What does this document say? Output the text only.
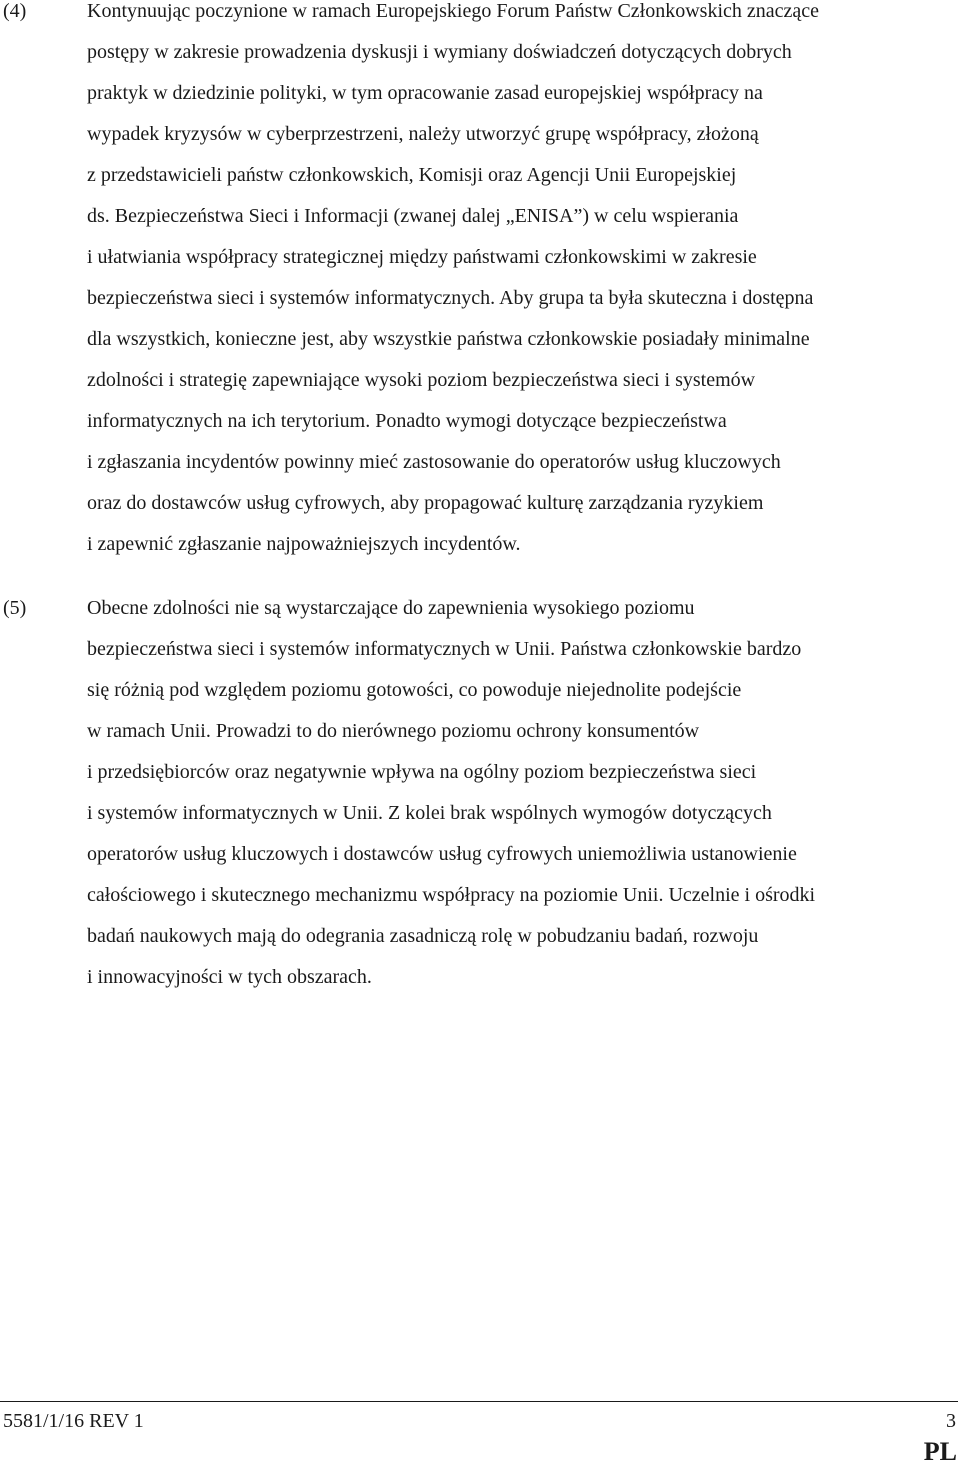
(4)	Kontynuując poczynione w ramach Europejskiego Forum Państw Członkowskich znaczące
postępy w zakresie prowadzenia dyskusji i wymiany doświadczeń dotyczących dobrych
praktyk w dziedzinie polityki, w tym opracowanie zasad europejskiej współpracy na
wypadek kryzysów w cyberprzestrzeni, należy utworzyć grupę współpracy, złożoną
z przedstawicieli państw członkowskich, Komisji oraz Agencji Unii Europejskiej
ds. Bezpieczeństwa Sieci i Informacji (zwanej dalej „ENISA”) w celu wspierania
i ułatwiania współpracy strategicznej między państwami członkowskimi w zakresie
bezpieczeństwa sieci i systemów informatycznych. Aby grupa ta była skuteczna i dostępna
dla wszystkich, konieczne jest, aby wszystkie państwa członkowskie posiadały minimalne
zdolności i strategię zapewniające wysoki poziom bezpieczeństwa sieci i systemów
informatycznych na ich terytorium. Ponadto wymogi dotyczące bezpieczeństwa
i zgłaszania incydentów powinny mieć zastosowanie do operatorów usług kluczowych
oraz do dostawców usług cyfrowych, aby propagować kulturę zarządzania ryzykiem
i zapewnić zgłaszanie najpoważniejszych incydentów.
(5)	Obecne zdolności nie są wystarczające do zapewnienia wysokiego poziomu
bezpieczeństwa sieci i systemów informatycznych w Unii. Państwa członkowskie bardzo
się różnią pod względem poziomu gotowości, co powoduje niejednolite podejście
w ramach Unii. Prowadzi to do nierównego poziomu ochrony konsumentów
i przedsiębiorców oraz negatywnie wpływa na ogólny poziom bezpieczeństwa sieci
i systemów informatycznych w Unii. Z kolei brak wspólnych wymogów dotyczących
operatorów usług kluczowych i dostawców usług cyfrowych uniemożliwia ustanowienie
całościowego i skutecznego mechanizmu współpracy na poziomie Unii. Uczelnie i ośrodki
badań naukowych mają do odegrania zasadniczą rolę w pobudzaniu badań, rozwoju
i innowacyjności w tych obszarach.
5581/1/16 REV 1	3
PL
